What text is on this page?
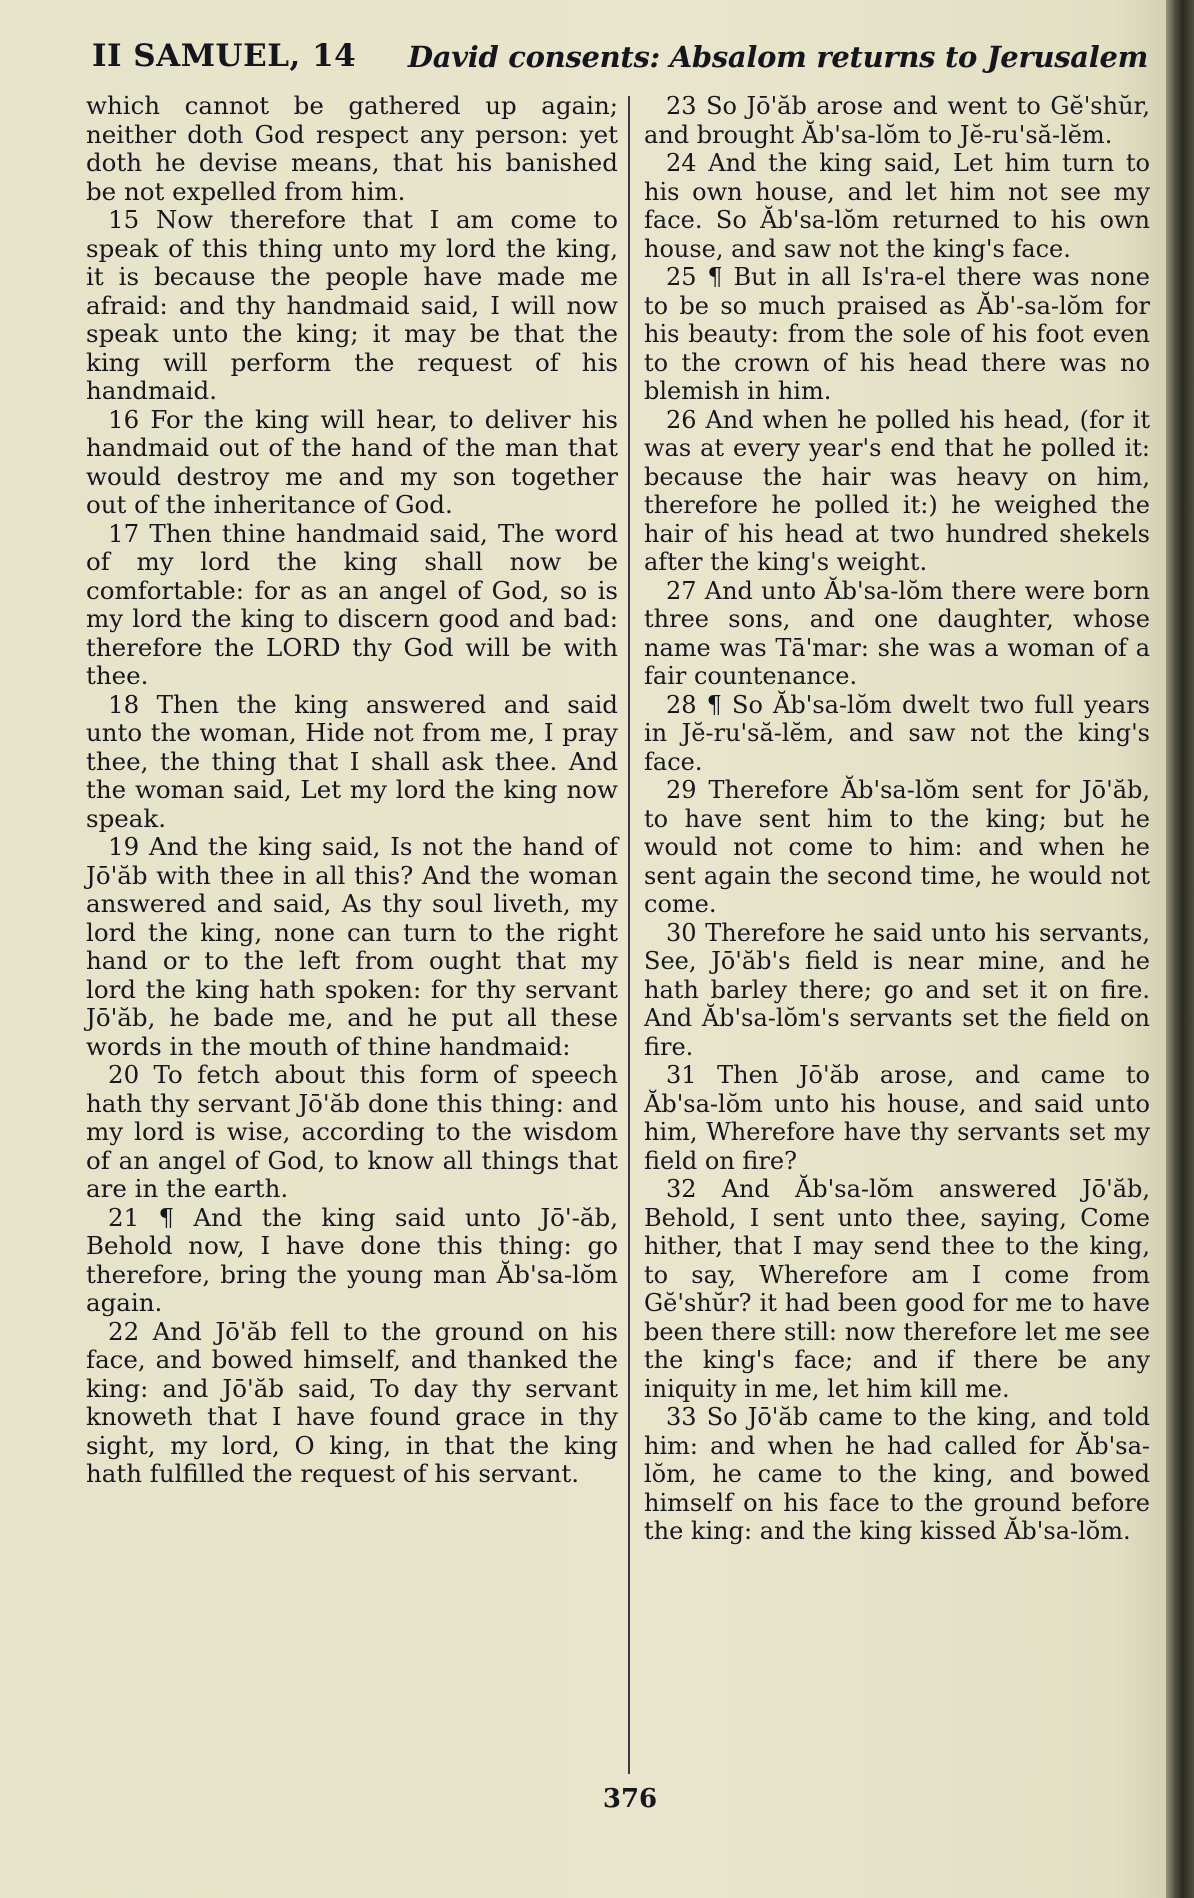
II SAMUEL, 14 David consents: Absalom returns to Jerusalem

which cannot be gathered up again; neither doth God respect any person: yet doth he devise means, that his banished be not expelled from him.

15 Now therefore that I am come to speak of this thing unto my lord the king, it is because the people have made me afraid: and thy handmaid said, I will now speak unto the king; it may be that the king will perform the request of his handmaid.

16 For the king will hear, to deliver his handmaid out of the hand of the man that would destroy me and my son together out of the inheritance of God.

17 Then thine handmaid said, The word of my lord the king shall now be comfortable: for as an angel of God, so is my lord the king to discern good and bad: therefore the LORD thy God will be with thee.

18 Then the king answered and said unto the woman, Hide not from me, I pray thee, the thing that I shall ask thee. And the woman said, Let my lord the king now speak.

19 And the king said, Is not the hand of Jō'ăb with thee in all this? And the woman answered and said, As thy soul liveth, my lord the king, none can turn to the right hand or to the left from ought that my lord the king hath spoken: for thy servant Jō'ăb, he bade me, and he put all these words in the mouth of thine handmaid:

20 To fetch about this form of speech hath thy servant Jō'ăb done this thing: and my lord is wise, according to the wisdom of an angel of God, to know all things that are in the earth.

21 ¶ And the king said unto Jō'-ăb, Behold now, I have done this thing: go therefore, bring the young man Ăb'sa-lŏm again.

22 And Jō'ăb fell to the ground on his face, and bowed himself, and thanked the king: and Jō'ăb said, To day thy servant knoweth that I have found grace in thy sight, my lord, O king, in that the king hath fulfilled the request of his servant.

23 So Jō'ăb arose and went to Gĕ'shŭr, and brought Ăb'sa-lŏm to Jĕ-ru'să-lĕm.

24 And the king said, Let him turn to his own house, and let him not see my face. So Ăb'sa-lŏm returned to his own house, and saw not the king's face.

25 ¶ But in all Is'ra-el there was none to be so much praised as Ăb'-sa-lŏm for his beauty: from the sole of his foot even to the crown of his head there was no blemish in him.

26 And when he polled his head, (for it was at every year's end that he polled it: because the hair was heavy on him, therefore he polled it:) he weighed the hair of his head at two hundred shekels after the king's weight.

27 And unto Ăb'sa-lŏm there were born three sons, and one daughter, whose name was Tā'mar: she was a woman of a fair countenance.

28 ¶ So Ăb'sa-lŏm dwelt two full years in Jĕ-ru'să-lĕm, and saw not the king's face.

29 Therefore Ăb'sa-lŏm sent for Jō'ăb, to have sent him to the king; but he would not come to him: and when he sent again the second time, he would not come.

30 Therefore he said unto his servants, See, Jō'ăb's field is near mine, and he hath barley there; go and set it on fire. And Ăb'sa-lŏm's servants set the field on fire.

31 Then Jō'ăb arose, and came to Ăb'sa-lŏm unto his house, and said unto him, Wherefore have thy servants set my field on fire?

32 And Ăb'sa-lŏm answered Jō'ăb, Behold, I sent unto thee, saying, Come hither, that I may send thee to the king, to say, Wherefore am I come from Gĕ'shŭr? it had been good for me to have been there still: now therefore let me see the king's face; and if there be any iniquity in me, let him kill me.

33 So Jō'ăb came to the king, and told him: and when he had called for Ăb'sa-lŏm, he came to the king, and bowed himself on his face to the ground before the king: and the king kissed Ăb'sa-lŏm.

376
